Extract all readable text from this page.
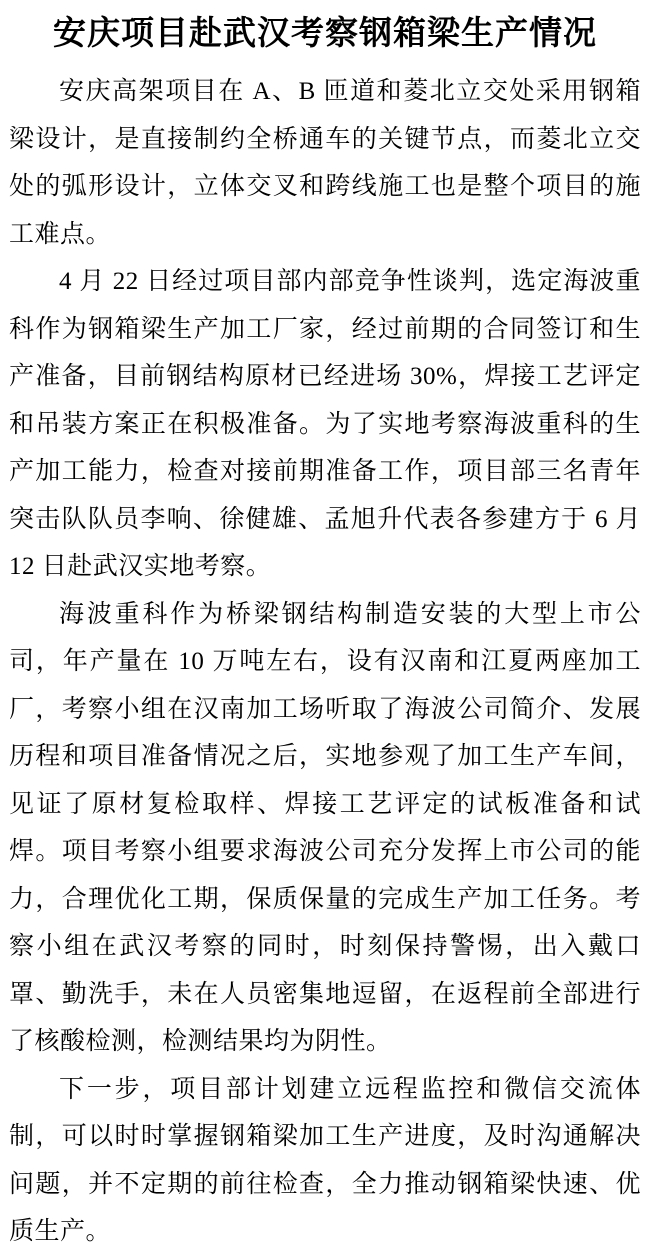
安庆项目赴武汉考察钢箱梁生产情况

安庆高架项目在 A、B 匝道和菱北立交处采用钢箱梁设计，是直接制约全桥通车的关键节点，而菱北立交处的弧形设计，立体交叉和跨线施工也是整个项目的施工难点。

4 月 22 日经过项目部内部竞争性谈判，选定海波重科作为钢箱梁生产加工厂家，经过前期的合同签订和生产准备，目前钢结构原材已经进场 30%，焊接工艺评定和吊装方案正在积极准备。为了实地考察海波重科的生产加工能力，检查对接前期准备工作，项目部三名青年突击队队员李响、徐健雄、孟旭升代表各参建方于 6 月 12 日赴武汉实地考察。

海波重科作为桥梁钢结构制造安装的大型上市公司，年产量在 10 万吨左右，设有汉南和江夏两座加工厂，考察小组在汉南加工场听取了海波公司简介、发展历程和项目准备情况之后，实地参观了加工生产车间，见证了原材复检取样、焊接工艺评定的试板准备和试焊。项目考察小组要求海波公司充分发挥上市公司的能力，合理优化工期，保质保量的完成生产加工任务。考察小组在武汉考察的同时，时刻保持警惕，出入戴口罩、勤洗手，未在人员密集地逗留，在返程前全部进行了核酸检测，检测结果均为阴性。

下一步，项目部计划建立远程监控和微信交流体制，可以时时掌握钢箱梁加工生产进度，及时沟通解决问题，并不定期的前往检查，全力推动钢箱梁快速、优质生产。
